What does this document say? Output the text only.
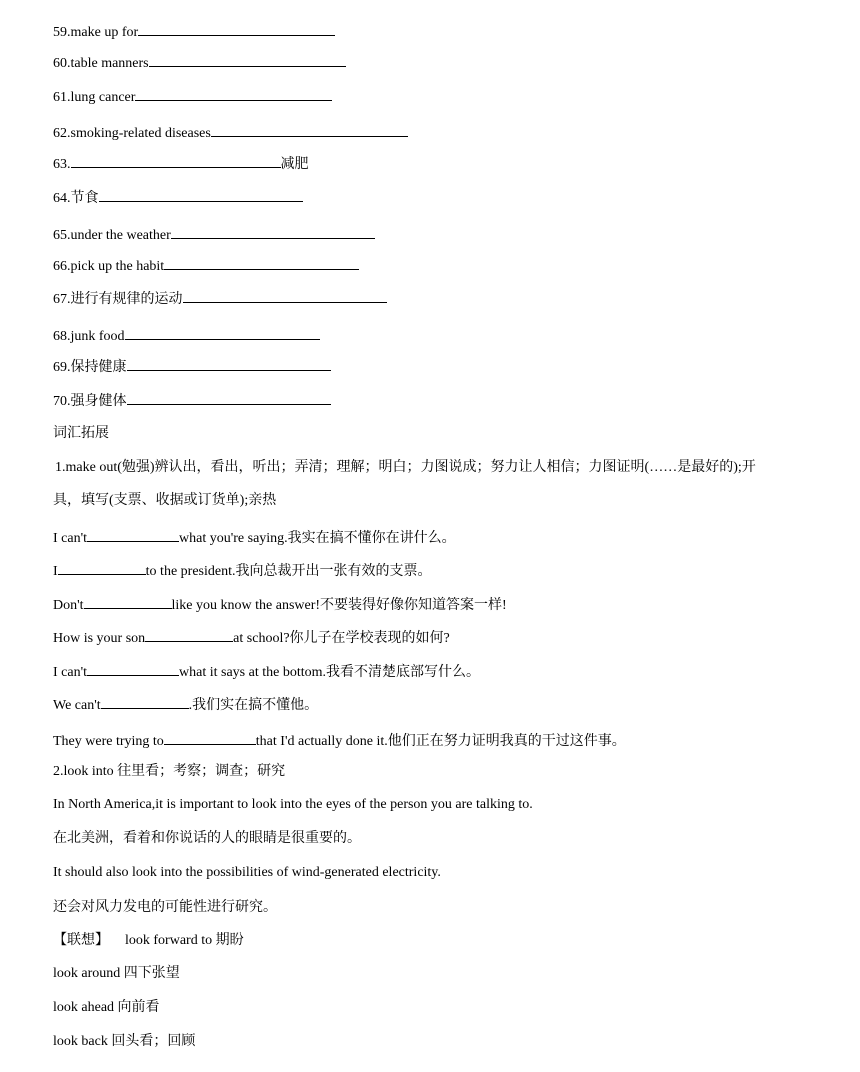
59.make up for
60.table manners
61.lung cancer
62.smoking-related diseases
63.	减肥
64.节食
65.under the weather
66.pick up the habit
67.进行有规律的运动
68.junk food
69.保持健康
70.强身健体
词汇拓展
1.make out(勉强)辨认出，看出，听出；弄清；理解；明白；力图说成；努力让人相信；力图证明(……是最好的);开
具，填写(支票、收据或订货单);亲热
I can't	what you're saying.我实在搞不懂你在讲什么。
I	to the president.我向总裁开出一张有效的支票。
Don't	like you know the answer!不要装得好像你知道答案一样!
How is your son	at school?你儿子在学校表现的如何?
I can't	what it says at the bottom.我看不清楚底部写什么。
We can't	.我们实在搞不懂他。
They were trying to	that I'd actually done it.他们正在努力证明我真的干过这件事。
2.look into 往里看；考察；调查；研究
In North America,it is important to look into the eyes of the person you are talking to.
在北美洲，看着和你说话的人的眼睛是很重要的。
It should also look into the possibilities of wind-generated electricity.
还会对风力发电的可能性进行研究。
【联想】 look forward to 期盼
look around 四下张望
look ahead 向前看
look back 回头看；回顾
